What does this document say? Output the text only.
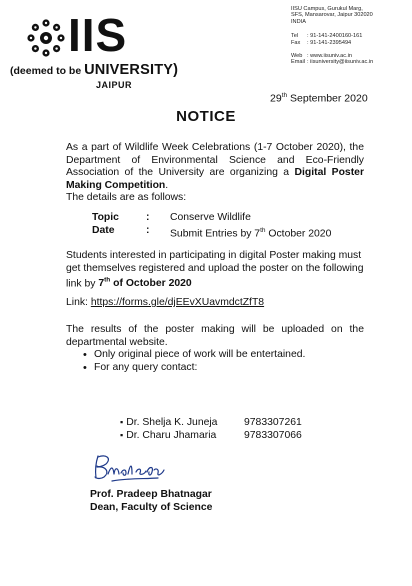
IIS
(deemed to be UNIVERSITY)
JAIPUR
IISU Campus, Gurukul Marg,
SFS, Mansarovar, Jaipur 302020
INDIA
Tel	: 91-141-2400160-161
Fax	: 91-141-2395494
Web	: www.iisuniv.ac.in
Email	: iisuniversity@iisuniv.ac.in
29th September 2020
NOTICE
As a part of Wildlife Week Celebrations (1-7 October 2020), the Department of Environmental Science and Eco-Friendly Association of the University are organizing a Digital Poster Making Competition.
The details are as follows:
Topic	:	Conserve Wildlife
Date	:	Submit Entries by 7th October 2020
Students interested in participating in digital Poster making must get themselves registered and upload the poster on the following link by 7th of October 2020
Link: https://forms.gle/djEEvXUavmdctZfT8
The results of the poster making will be uploaded on the departmental website.
• Only original piece of work will be entertained.
• For any query contact:
▪ Dr. Shelja K. Juneja	9783307261
▪ Dr. Charu Jhamaria	9783307066
Prof. Pradeep Bhatnagar
Dean, Faculty of Science
